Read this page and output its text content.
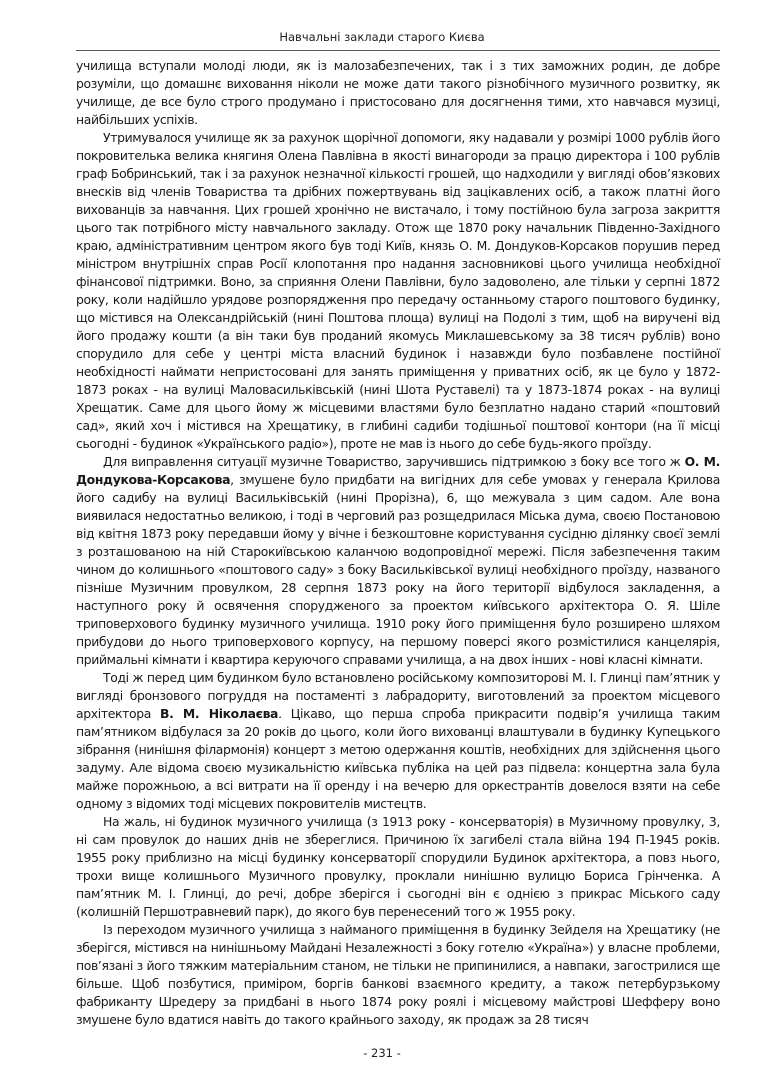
Навчальні заклади старого Києва

училища вступали молоді люди, як із малозабезпечених, так і з тих заможних родин, де добре розуміли, що домашнє виховання ніколи не може дати такого різнобічного музичного розвитку, як училище, де все було строго продумано і пристосовано для досягнення тими, хто навчався музиці, найбільших успіхів.

Утримувалося училище як за рахунок щорічної допомоги, яку надавали у розмірі 1000 рублів його покровителька велика княгиня Олена Павлівна в якості винагороди за працю директора і 100 рублів граф Бобринський, так і за рахунок незначної кількості грошей, що надходили у вигляді обов’язкових внесків від членів Товариства та дрібних пожертвувань від зацікавлених осіб, а також платні його вихованців за навчання. Цих грошей хронічно не вистачало, і тому постійною була загроза закриття цього так потрібного місту навчального закладу. Отож ще 1870 року начальник Південно-Західного краю, адміністративним центром якого був тоді Київ, князь О. М. Дондуков-Корсаков порушив перед міністром внутрішніх справ Росії клопотання про надання засновникові цього училища необхідної фінансової підтримки. Воно, за сприяння Олени Павлівни, було задоволено, але тільки у серпні 1872 року, коли надійшло урядове розпорядження про передачу останньому старого поштового будинку, що містився на Олександрійській (нині Поштова площа) вулиці на Подолі з тим, щоб на виручені від його продажу кошти (а він таки був проданий якомусь Миклашевському за 38 тисяч рублів) воно спорудило для себе у центрі міста власний будинок і назавжди було позбавлене постійної необхідності наймати непристосовані для занять приміщення у приватних осіб, як це було у 1872-1873 роках - на вулиці Маловасильківській (нині Шота Руставелі) та у 1873-1874 роках - на вулиці Хрещатик. Саме для цього йому ж місцевими властями було безплатно надано старий «поштовий сад», який хоч і містився на Хрещатику, в глибині садиби тодішньої поштової контори (на її місці сьогодні - будинок «Українського радіо»), проте не мав із нього до себе будь-якого проїзду.

Для виправлення ситуації музичне Товариство, заручившись підтримкою з боку все того ж О. М. Дондукова-Корсакова, змушене було придбати на вигідних для себе умовах у генерала Крилова його садибу на вулиці Васильківській (нині Прорізна), 6, що межувала з цим садом. Але вона виявилася недостатньо великою, і тоді в черговий раз розщедрилася Міська дума, своєю Постановою від квітня 1873 року передавши йому у вічне і безкоштовне користування сусідню ділянку своєї землі з розташованою на ній Старокиївською каланчою водопровідної мережі. Після забезпечення таким чином до колишнього «поштового саду» з боку Васильківської вулиці необхідного проїзду, названого пізніше Музичним провулком, 28 серпня 1873 року на його території відбулося закладення, а наступного року й освячення спорудженого за проектом київського архітектора О. Я. Шіле триповерхового будинку музичного училища. 1910 року його приміщення було розширено шляхом прибудови до нього триповерхового корпусу, на першому поверсі якого розмістилися канцелярія, приймальні кімнати і квартира керуючого справами училища, а на двох інших - нові класні кімнати.

Тоді ж перед цим будинком було встановлено російському композиторові М. І. Глинці пам’ятник у вигляді бронзового погруддя на постаменті з лабрадориту, виготовлений за проектом місцевого архітектора В. М. Ніколаєва. Цікаво, що перша спроба прикрасити подвір’я училища таким пам’ятником відбулася за 20 років до цього, коли його вихованці влаштували в будинку Купецького зібрання (нинішня філармонія) концерт з метою одержання коштів, необхідних для здійснення цього задуму. Але відома своєю музикальністю київська публіка на цей раз підвела: концертна зала була майже порожньою, а всі витрати на її оренду і на вечерю для оркестрантів довелося взяти на себе одному з відомих тоді місцевих покровителів мистецтв.

На жаль, ні будинок музичного училища (з 1913 року - консерваторія) в Музичному провулку, 3, ні сам провулок до наших днів не збереглися. Причиною їх загибелі стала війна 194 П-1945 років. 1955 року приблизно на місці будинку консерваторії спорудили Будинок архітектора, а повз нього, трохи вище колишнього Музичного провулку, проклали нинішню вулицю Бориса Грінченка. А пам’ятник М. І. Глинці, до речі, добре зберігся і сьогодні він є однією з прикрас Міського саду (колишній Першотравневий парк), до якого був перенесений того ж 1955 року.

Із переходом музичного училища з найманого приміщення в будинку Зейделя на Хрещатику (не зберігся, містився на нинішньому Майдані Незалежності з боку готелю «Україна») у власне проблеми, пов’язані з його тяжким матеріальним станом, не тільки не припинилися, а навпаки, загострилися ще більше. Щоб позбутися, приміром, боргів банкові взаємного кредиту, а також петербурзькому фабриканту Шредеру за придбані в нього 1874 року роялі і місцевому майстрові Шефферу воно змушене було вдатися навіть до такого крайнього заходу, як продаж за 28 тисяч

- 231 -
